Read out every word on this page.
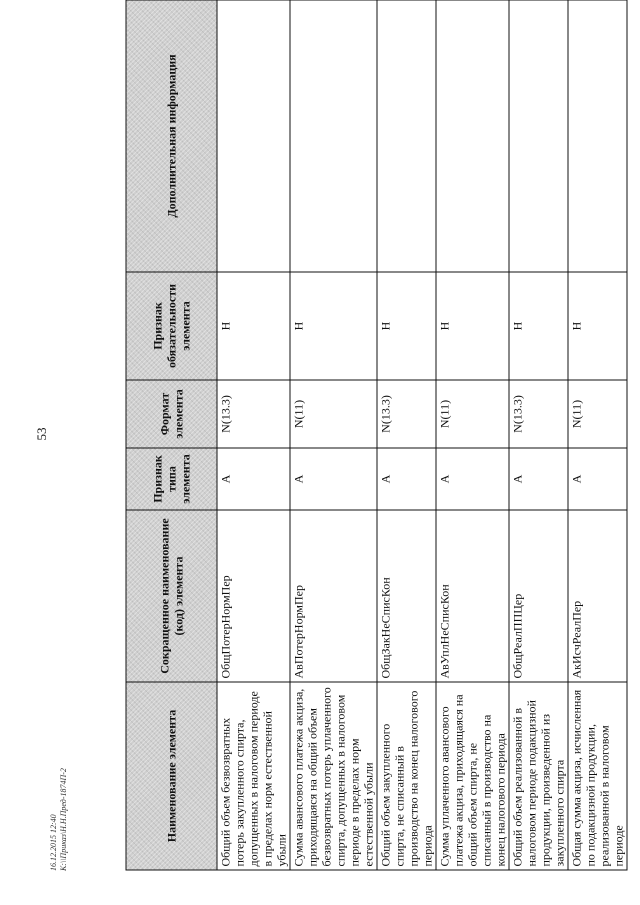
53
16.12.2015 12:40 К:\\Приказ\Н.Н.Пред-1874П-2	Наименование элемента	Сокращенное наименование (код) элемента	Признак типа элемента	Формат элемента	Признак обязательности элемента	Дополнительная информация
Общий объем безвозвратных потерь закупленного спирта, допущенных в налоговом периоде в пределах норм естественной убыли	ОбщПотерНормПер	А	N(13.3)	Н	
Сумма авансового платежа акциза, приходящаяся на общий объем безвозвратных потерь уплаченного спирта, допущенных в налоговом периоде в пределах норм естественной убыли	АвПотерНормПер	А	N(11)	Н	
Общий объем закупленного спирта, не списанный в производство на конец налогового периода	ОбщЗакНеСписКон	А	N(13.3)	Н	
Сумма уплаченного авансового платежа акциза, приходящаяся на общий объем спирта, не списанный в производство на конец налогового периода	АвУплНеСписКон	А	N(11)	Н	
Общий объем реализованной в налоговом периоде подакцизной продукции, произведенной из закупленного спирта	ОбщРеалППЦер	А	N(13.3)	Н	
Общая сумма акциза, исчисленная по подакцизной продукции, реализованной в налоговом периоде	АкИсчРеалПер	А	N(11)	Н	
